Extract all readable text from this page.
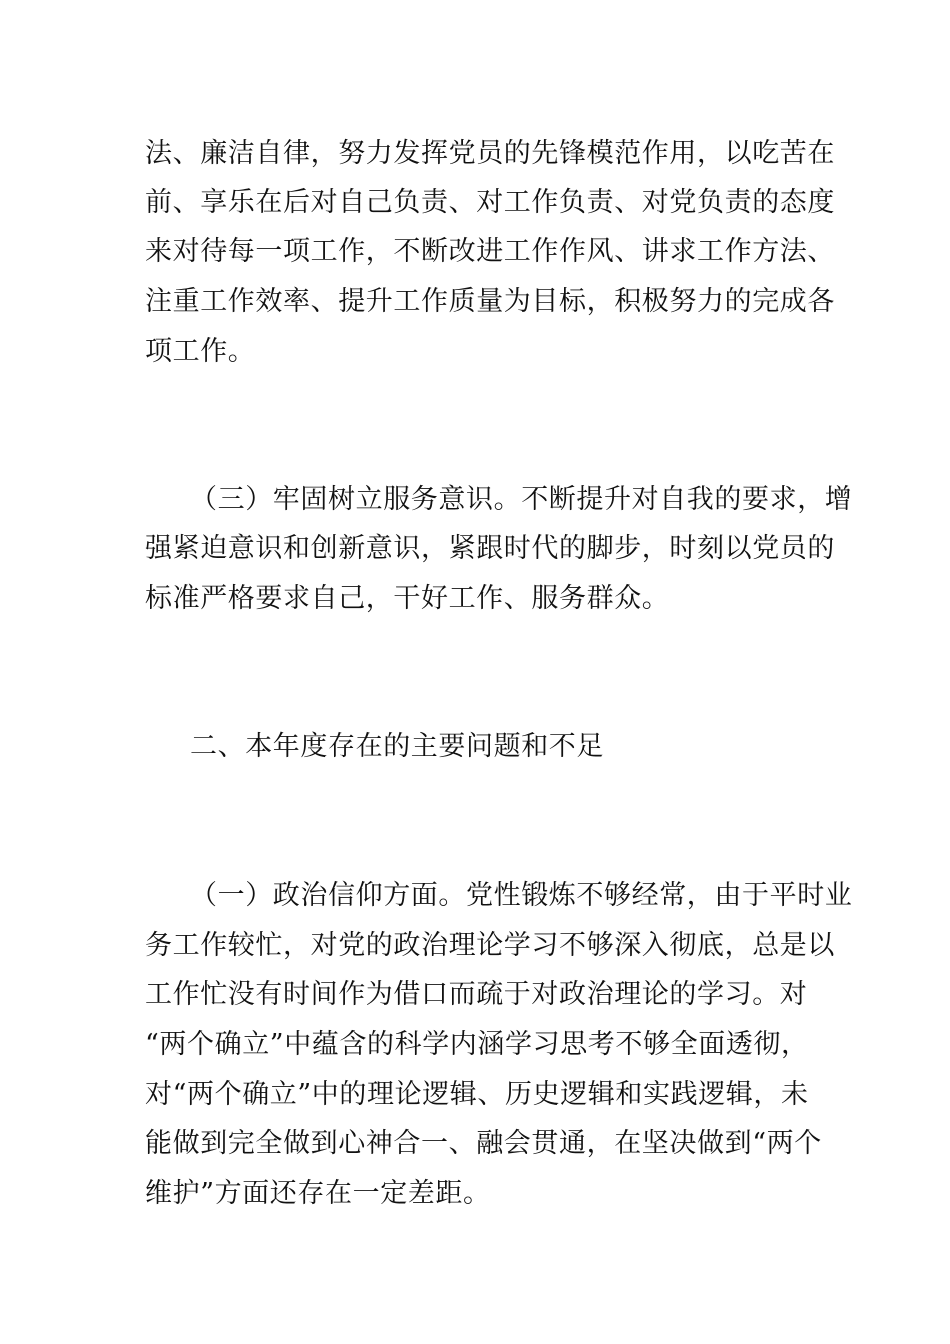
法、廉洁自律，努力发挥党员的先锋模范作用，以吃苦在
前、享乐在后对自己负责、对工作负责、对党负责的态度
来对待每一项工作，不断改进工作作风、讲求工作方法、
注重工作效率、提升工作质量为目标，积极努力的完成各
项工作。
（三）牢固树立服务意识。不断提升对自我的要求，增
强紧迫意识和创新意识，紧跟时代的脚步，时刻以党员的
标准严格要求自己，干好工作、服务群众。
二、本年度存在的主要问题和不足
（一）政治信仰方面。党性锻炼不够经常，由于平时业
务工作较忙，对党的政治理论学习不够深入彻底，总是以
工作忙没有时间作为借口而疏于对政治理论的学习。对
“两个确立”中蕴含的科学内涵学习思考不够全面透彻，
对“两个确立”中的理论逻辑、历史逻辑和实践逻辑，未
能做到完全做到心神合一、融会贯通，在坚决做到“两个
维护”方面还存在一定差距。
